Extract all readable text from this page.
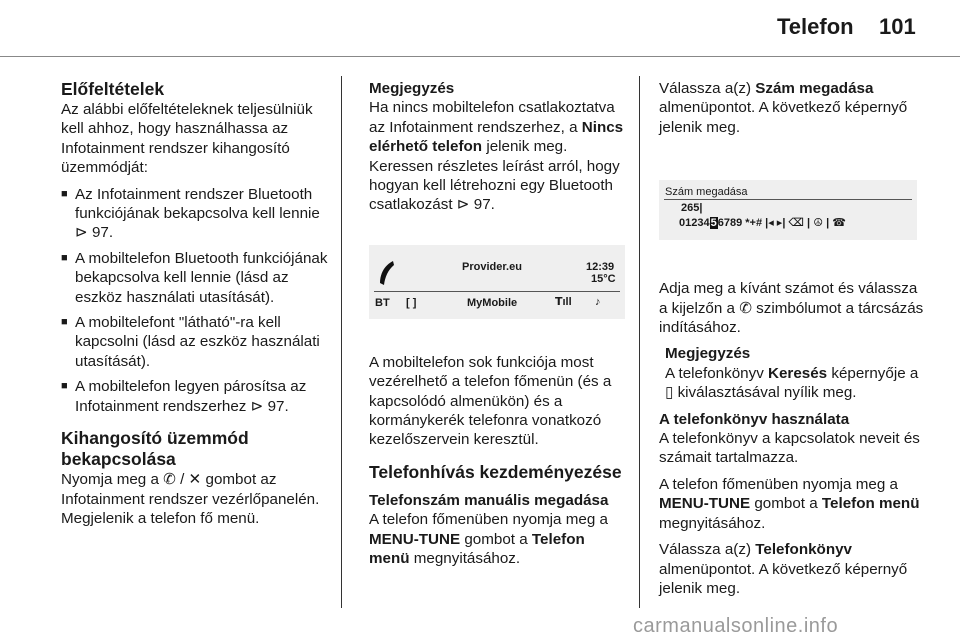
Telefon 101
Előfeltételek

Az alábbi előfeltételeknek teljesülniük kell ahhoz, hogy használhassa az Infotainment rendszer kihangosító üzemmódját:

■ Az Infotainment rendszer Bluetooth funkciójának bekapcsolva kell lennie ⊳ 97.
■ A mobiltelefon Bluetooth funkciójának bekapcsolva kell lennie (lásd az eszköz használati utasítását).
■ A mobiltelefont "látható"-ra kell kapcsolni (lásd az eszköz használati utasítását).
■ A mobiltelefon legyen párosítsa az Infotainment rendszerhez ⊳ 97.
Kihangosító üzemmód bekapcsolása

Nyomja meg a ✆ / ✕ gombot az Infotainment rendszer vezérlőpanelén. Megjelenik a telefon fő menü.

Megjegyzés

Ha nincs mobiltelefon csatlakoztatva az Infotainment rendszerhez, a Nincs elérhető telefon jelenik meg. Keressen részletes leírást arról, hogy hogyan kell létrehozni egy Bluetooth csatlakozást ⊳ 97.

Provider.eu	12:39
15°C
BT [ ]	MyMobile	𝗧ıll ♪

A mobiltelefon sok funkciója most vezérelhető a telefon főmenün (és a kapcsolódó almenükön) és a kormánykerék telefonra vonatkozó kezelőszervein keresztül.

Telefonhívás kezdeményezése
Telefonszám manuális megadása

A telefon főmenüben nyomja meg a MENU-TUNE gombot a Telefon menü megnyitásához.

Válassza a(z) Szám megadása almenüpontot. A következő képernyő jelenik meg.

Szám megadása
265|
0123456789 *+# |◂ ▸| ⌫ | ☮ | ☎

Adja meg a kívánt számot és válassza a kijelzőn a ✆ szimbólumot a tárcsázás indításához.

Megjegyzés

A telefonkönyv Keresés képernyője a ▯ kiválasztásával nyílik meg.

A telefonkönyv használata

A telefonkönyv a kapcsolatok neveit és számait tartalmazza.

A telefon főmenüben nyomja meg a MENU-TUNE gombot a Telefon menü megnyitásához.

Válassza a(z) Telefonkönyv almenüpontot. A következő képernyő jelenik meg.

carmanualsonline.info
